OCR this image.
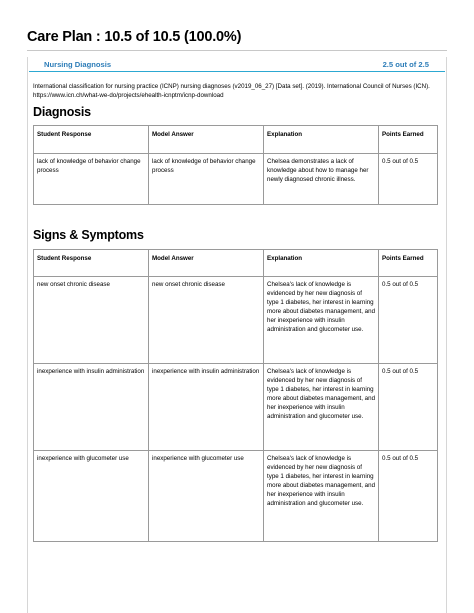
Care Plan : 10.5 of 10.5 (100.0%)
Nursing Diagnosis	2.5 out of 2.5
International classification for nursing practice (ICNP) nursing diagnoses (v2019_06_27) [Data set]. (2019). International Council of Nurses (ICN). https://www.icn.ch/what-we-do/projects/ehealth-icnptm/icnp-download
Diagnosis
Student Response	Model Answer	Explanation	Points Earned
lack of knowledge of behavior change process	lack of knowledge of behavior change process	Chelsea demonstrates a lack of knowledge about how to manage her newly diagnosed chronic illness.	0.5 out of 0.5
Signs & Symptoms
Student Response	Model Answer	Explanation	Points Earned
new onset chronic disease	new onset chronic disease	Chelsea's lack of knowledge is evidenced by her new diagnosis of type 1 diabetes, her interest in learning more about diabetes management, and her inexperience with insulin administration and glucometer use.	0.5 out of 0.5
inexperience with insulin administration	inexperience with insulin administration	Chelsea's lack of knowledge is evidenced by her new diagnosis of type 1 diabetes, her interest in learning more about diabetes management, and her inexperience with insulin administration and glucometer use.	0.5 out of 0.5
inexperience with glucometer use	inexperience with glucometer use	Chelsea's lack of knowledge is evidenced by her new diagnosis of type 1 diabetes, her interest in learning more about diabetes management, and her inexperience with insulin administration and glucometer use.	0.5 out of 0.5
